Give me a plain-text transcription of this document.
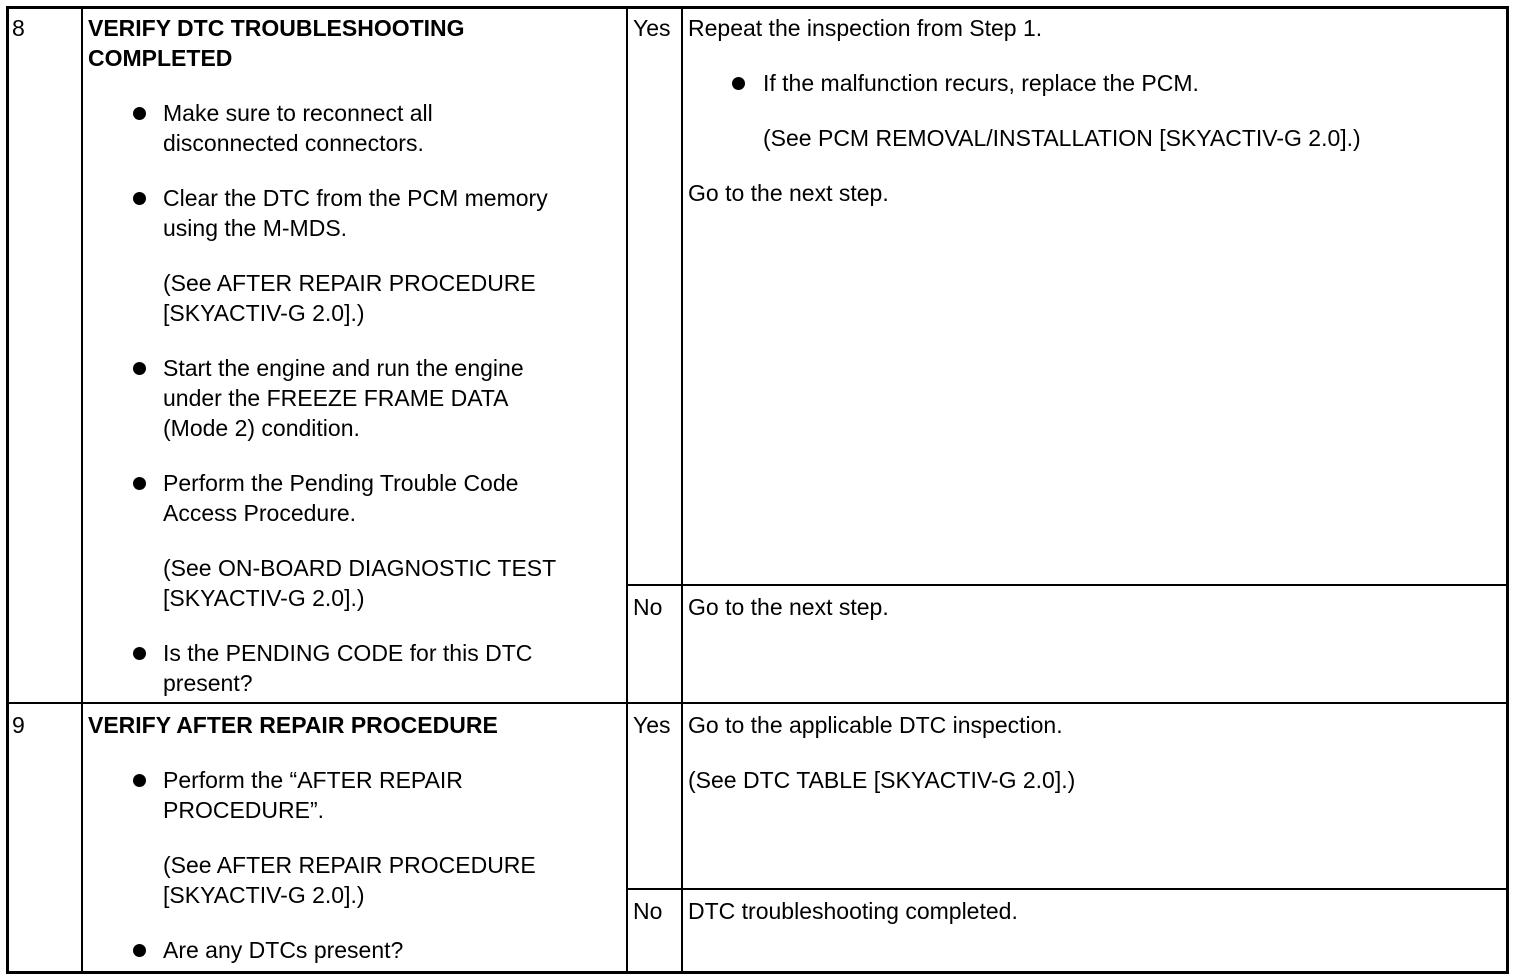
8	VERIFY DTC TROUBLESHOOTING
COMPLETED
Make sure to reconnect all
disconnected connectors.
Clear the DTC from the PCM memory
using the M-MDS.
(See AFTER REPAIR PROCEDURE
[SKYACTIV-G 2.0].)
Start the engine and run the engine
under the FREEZE FRAME DATA
(Mode 2) condition.
Perform the Pending Trouble Code
Access Procedure.
(See ON-BOARD DIAGNOSTIC TEST
[SKYACTIV-G 2.0].)
Is the PENDING CODE for this DTC
present?
Yes Repeat the inspection from Step 1.
If the malfunction recurs, replace the PCM.
(See PCM REMOVAL/INSTALLATION [SKYACTIV-G 2.0].)
Go to the next step.
No Go to the next step.
9	VERIFY AFTER REPAIR PROCEDURE
Perform the “AFTER REPAIR
PROCEDURE”.
(See AFTER REPAIR PROCEDURE
[SKYACTIV-G 2.0].)
Are any DTCs present?
Yes Go to the applicable DTC inspection.
(See DTC TABLE [SKYACTIV-G 2.0].)
No DTC troubleshooting completed.
